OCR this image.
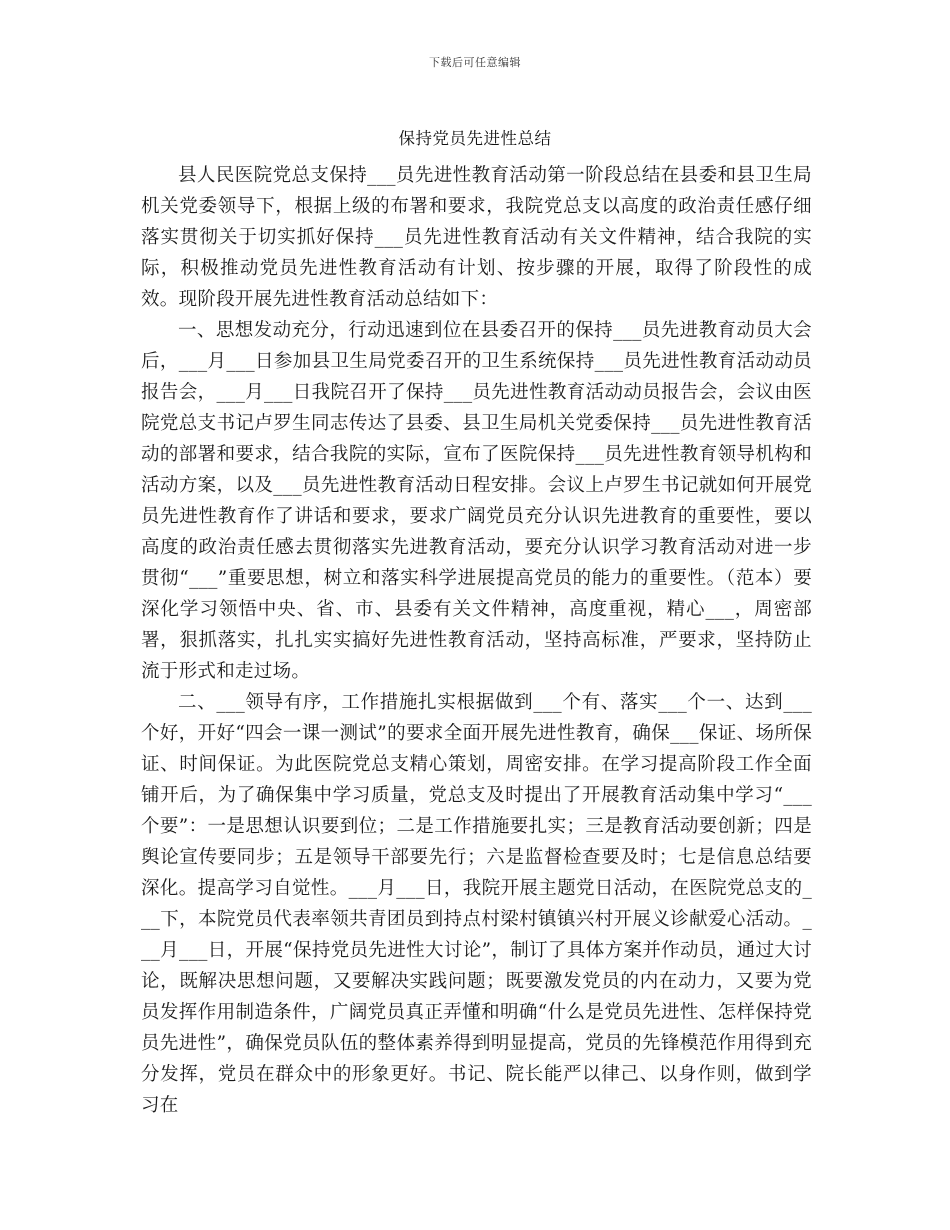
下载后可任意编辑
保持党员先进性总结

县人民医院党总支保持___员先进性教育活动第一阶段总结在县委和县卫生局机关党委领导下，根据上级的布署和要求，我院党总支以高度的政治责任感仔细落实贯彻关于切实抓好保持___员先进性教育活动有关文件精神，结合我院的实际，积极推动党员先进性教育活动有计划、按步骤的开展，取得了阶段性的成效。现阶段开展先进性教育活动总结如下：

一、思想发动充分，行动迅速到位在县委召开的保持___员先进教育动员大会后，___月___日参加县卫生局党委召开的卫生系统保持___员先进性教育活动动员报告会，___月___日我院召开了保持___员先进性教育活动动员报告会，会议由医院党总支书记卢罗生同志传达了县委、县卫生局机关党委保持___员先进性教育活动的部署和要求，结合我院的实际，宣布了医院保持___员先进性教育领导机构和活动方案，以及___员先进性教育活动日程安排。会议上卢罗生书记就如何开展党员先进性教育作了讲话和要求，要求广阔党员充分认识先进教育的重要性，要以高度的政治责任感去贯彻落实先进教育活动，要充分认识学习教育活动对进一步贯彻“___”重要思想，树立和落实科学进展提高党员的能力的重要性。（范本）要深化学习领悟中央、省、市、县委有关文件精神，高度重视，精心___，周密部署，狠抓落实，扎扎实实搞好先进性教育活动，坚持高标准，严要求，坚持防止流于形式和走过场。

二、___领导有序，工作措施扎实根据做到___个有、落实___个一、达到___个好，开好“四会一课一测试”的要求全面开展先进性教育，确保___保证、场所保证、时间保证。为此医院党总支精心策划，周密安排。在学习提高阶段工作全面铺开后，为了确保集中学习质量，党总支及时提出了开展教育活动集中学习“___个要”：一是思想认识要到位；二是工作措施要扎实；三是教育活动要创新；四是舆论宣传要同步；五是领导干部要先行；六是监督检查要及时；七是信息总结要深化。提高学习自觉性。___月___日，我院开展主题党日活动，在医院党总支的___下，本院党员代表率领共青团员到持点村梁村镇镇兴村开展义诊献爱心活动。___月___日，开展“保持党员先进性大讨论”，制订了具体方案并作动员，通过大讨论，既解决思想问题，又要解决实践问题；既要激发党员的内在动力，又要为党员发挥作用制造条件，广阔党员真正弄懂和明确“什么是党员先进性、怎样保持党员先进性”，确保党员队伍的整体素养得到明显提高，党员的先锋模范作用得到充分发挥，党员在群众中的形象更好。书记、院长能严以律己、以身作则，做到学习在
